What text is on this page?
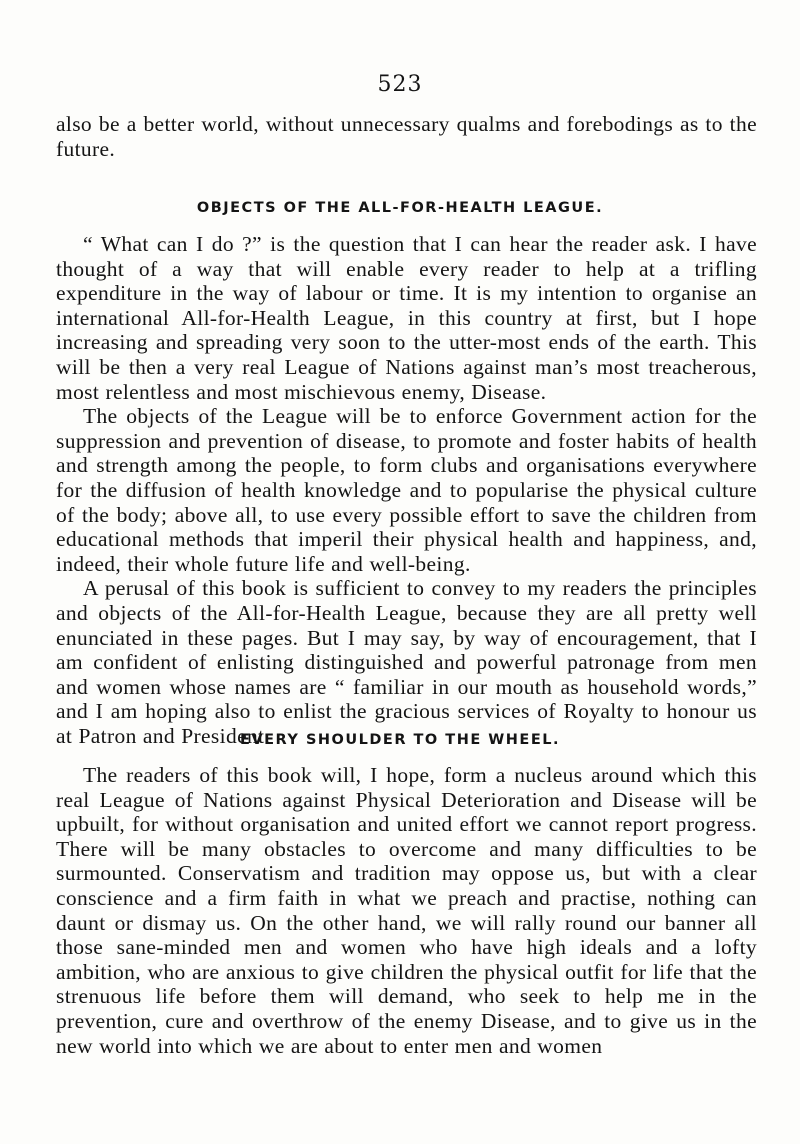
523

also be a better world, without unnecessary qualms and forebodings as to the future.

OBJECTS OF THE ALL-FOR-HEALTH LEAGUE.

“ What can I do ?” is the question that I can hear the reader ask. I have thought of a way that will enable every reader to help at a trifling expenditure in the way of labour or time. It is my intention to organise an international All-for-Health League, in this country at first, but I hope increasing and spreading very soon to the utter-most ends of the earth. This will be then a very real League of Nations against man’s most treacherous, most relentless and most mischievous enemy, Disease.

The objects of the League will be to enforce Government action for the suppression and prevention of disease, to promote and foster habits of health and strength among the people, to form clubs and organisations everywhere for the diffusion of health knowledge and to popularise the physical culture of the body; above all, to use every possible effort to save the children from educational methods that imperil their physical health and happiness, and, indeed, their whole future life and well-being.

A perusal of this book is sufficient to convey to my readers the principles and objects of the All-for-Health League, because they are all pretty well enunciated in these pages. But I may say, by way of encouragement, that I am confident of enlisting distinguished and powerful patronage from men and women whose names are “ familiar in our mouth as household words,” and I am hoping also to enlist the gracious services of Royalty to honour us at Patron and President.

EVERY SHOULDER TO THE WHEEL.

The readers of this book will, I hope, form a nucleus around which this real League of Nations against Physical Deterioration and Disease will be upbuilt, for without organisation and united effort we cannot report progress. There will be many obstacles to overcome and many difficulties to be surmounted. Conservatism and tradition may oppose us, but with a clear conscience and a firm faith in what we preach and practise, nothing can daunt or dismay us. On the other hand, we will rally round our banner all those sane-minded men and women who have high ideals and a lofty ambition, who are anxious to give children the physical outfit for life that the strenuous life before them will demand, who seek to help me in the prevention, cure and overthrow of the enemy Disease, and to give us in the new world into which we are about to enter men and women
